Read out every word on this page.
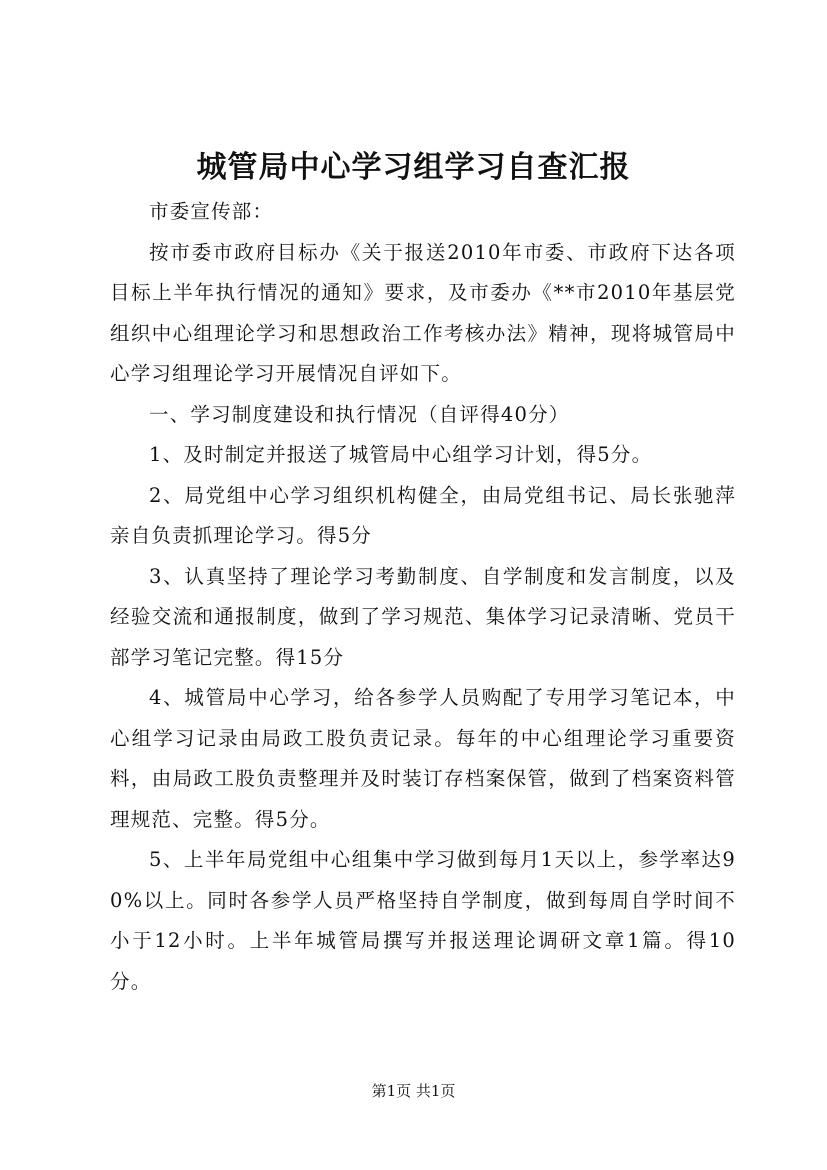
城管局中心学习组学习自查汇报

市委宣传部：

按市委市政府目标办《关于报送2010年市委、市政府下达各项目标上半年执行情况的通知》要求，及市委办《**市2010年基层党组织中心组理论学习和思想政治工作考核办法》精神，现将城管局中心学习组理论学习开展情况自评如下。

一、学习制度建设和执行情况（自评得40分）

1、及时制定并报送了城管局中心组学习计划，得5分。

2、局党组中心学习组织机构健全，由局党组书记、局长张驰萍亲自负责抓理论学习。得5分

3、认真坚持了理论学习考勤制度、自学制度和发言制度，以及经验交流和通报制度，做到了学习规范、集体学习记录清晰、党员干部学习笔记完整。得15分

4、城管局中心学习，给各参学人员购配了专用学习笔记本，中心组学习记录由局政工股负责记录。每年的中心组理论学习重要资料，由局政工股负责整理并及时装订存档案保管，做到了档案资料管理规范、完整。得5分。

5、上半年局党组中心组集中学习做到每月1天以上，参学率达90%以上。同时各参学人员严格坚持自学制度，做到每周自学时间不小于12小时。上半年城管局撰写并报送理论调研文章1篇。得10分。

第1页 共1页
